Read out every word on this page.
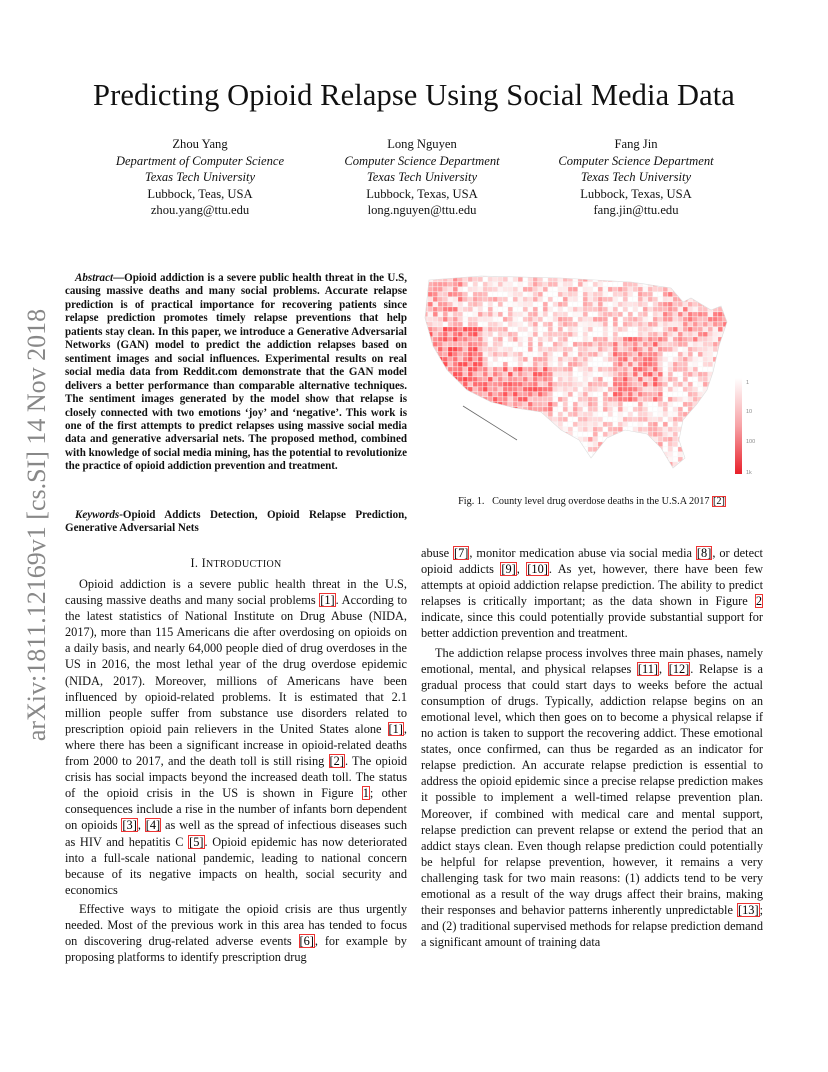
arXiv:1811.12169v1 [cs.SI] 14 Nov 2018
Predicting Opioid Relapse Using Social Media Data
Zhou Yang
Department of Computer Science
Texas Tech University
Lubbock, Teas, USA
zhou.yang@ttu.edu
Long Nguyen
Computer Science Department
Texas Tech University
Lubbock, Texas, USA
long.nguyen@ttu.edu
Fang Jin
Computer Science Department
Texas Tech University
Lubbock, Texas, USA
fang.jin@ttu.edu
Abstract—Opioid addiction is a severe public health threat in the U.S, causing massive deaths and many social problems. Accurate relapse prediction is of practical importance for recovering patients since relapse prediction promotes timely relapse preventions that help patients stay clean. In this paper, we introduce a Generative Adversarial Networks (GAN) model to predict the addiction relapses based on sentiment images and social influences. Experimental results on real social media data from Reddit.com demonstrate that the GAN model delivers a better performance than comparable alternative techniques. The sentiment images generated by the model show that relapse is closely connected with two emotions ‘joy’ and ‘negative’. This work is one of the first attempts to predict relapses using massive social media data and generative adversarial nets. The proposed method, combined with knowledge of social media mining, has the potential to revolutionize the practice of opioid addiction prevention and treatment.
Keywords-Opioid Addicts Detection, Opioid Relapse Prediction, Generative Adversarial Nets
I. INTRODUCTION

Opioid addiction is a severe public health threat in the U.S, causing massive deaths and many social problems [1]. According to the latest statistics of National Institute on Drug Abuse (NIDA, 2017), more than 115 Americans die after overdosing on opioids on a daily basis, and nearly 64,000 people died of drug overdoses in the US in 2016, the most lethal year of the drug overdose epidemic (NIDA, 2017). Moreover, millions of Americans have been influenced by opioid-related problems. It is estimated that 2.1 million people suffer from substance use disorders related to prescription opioid pain relievers in the United States alone [1], where there has been a significant increase in opioid-related deaths from 2000 to 2017, and the death toll is still rising [2]. The opioid crisis has social impacts beyond the increased death toll. The status of the opioid crisis in the US is shown in Figure 1; other consequences include a rise in the number of infants born dependent on opioids [3], [4] as well as the spread of infectious diseases such as HIV and hepatitis C [5]. Opioid epidemic has now deteriorated into a full-scale national pandemic, leading to national concern because of its negative impacts on health, social security and economics

Effective ways to mitigate the opioid crisis are thus urgently needed. Most of the previous work in this area has tended to focus on discovering drug-related adverse events [6], for example by proposing platforms to identify prescription drug

1
10
100
1k
Fig. 1. County level drug overdose deaths in the U.S.A 2017 [2]

abuse [7], monitor medication abuse via social media [8], or detect opioid addicts [9], [10]. As yet, however, there have been few attempts at opioid addiction relapse prediction. The ability to predict relapses is critically important; as the data shown in Figure 2 indicate, since this could potentially provide substantial support for better addiction prevention and treatment.

The addiction relapse process involves three main phases, namely emotional, mental, and physical relapses [11], [12]. Relapse is a gradual process that could start days to weeks before the actual consumption of drugs. Typically, addiction relapse begins on an emotional level, which then goes on to become a physical relapse if no action is taken to support the recovering addict. These emotional states, once confirmed, can thus be regarded as an indicator for relapse prediction. An accurate relapse prediction is essential to address the opioid epidemic since a precise relapse prediction makes it possible to implement a well-timed relapse prevention plan. Moreover, if combined with medical care and mental support, relapse prediction can prevent relapse or extend the period that an addict stays clean. Even though relapse prediction could potentially be helpful for relapse prevention, however, it remains a very challenging task for two main reasons: (1) addicts tend to be very emotional as a result of the way drugs affect their brains, making their responses and behavior patterns inherently unpredictable [13]; and (2) traditional supervised methods for relapse prediction demand a significant amount of training data
